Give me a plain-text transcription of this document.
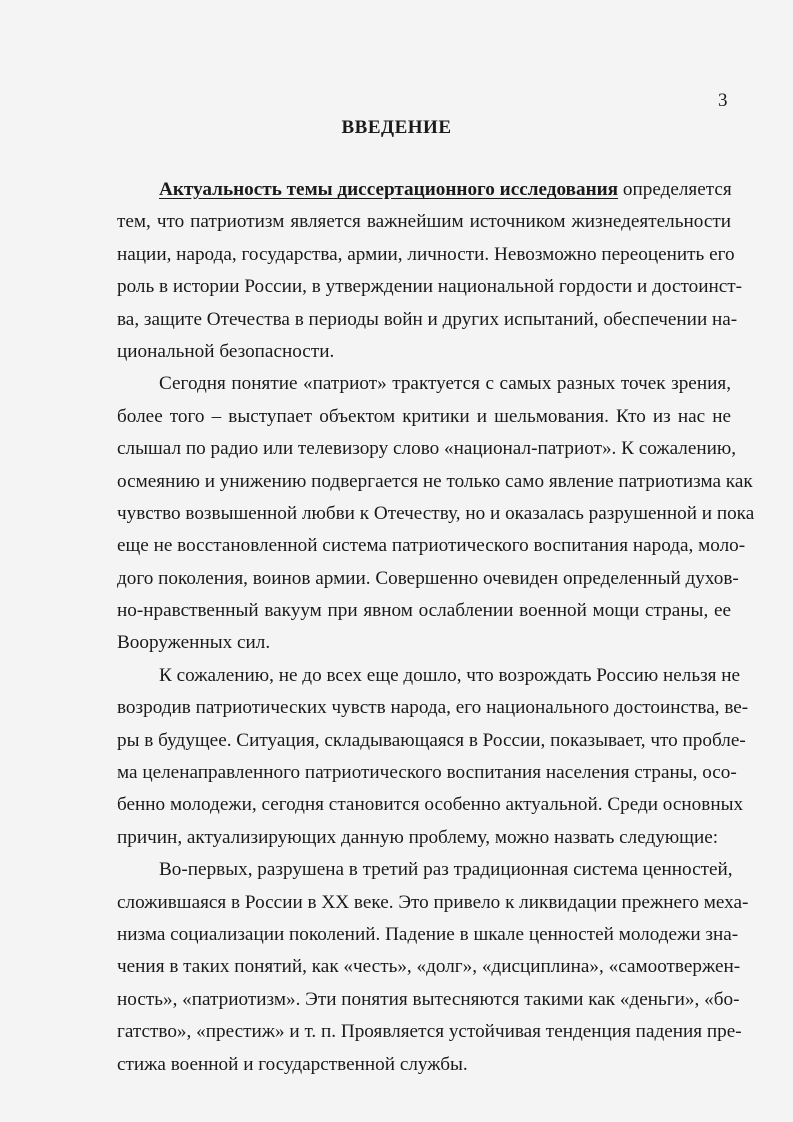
3
ВВЕДЕНИЕ
Актуальность темы диссертационного исследования определяется
тем, что патриотизм является важнейшим источником жизнедеятельности
нации, народа, государства, армии, личности. Невозможно переоценить его
роль в истории России, в утверждении национальной гордости и достоинст-
ва, защите Отечества в периоды войн и других испытаний, обеспечении на-
циональной безопасности.
Сегодня понятие «патриот» трактуется с самых разных точек зрения,
более того – выступает объектом критики и шельмования. Кто из нас не
слышал по радио или телевизору слово «национал-патриот». К сожалению,
осмеянию и унижению подвергается не только само явление патриотизма как
чувство возвышенной любви к Отечеству, но и оказалась разрушенной и пока
еще не восстановленной система патриотического воспитания народа, моло-
дого поколения, воинов армии. Совершенно очевиден определенный духов-
но-нравственный вакуум при явном ослаблении военной мощи страны, ее
Вооруженных сил.
К сожалению, не до всех еще дошло, что возрождать Россию нельзя не
возродив патриотических чувств народа, его национального достоинства, ве-
ры в будущее. Ситуация, складывающаяся в России, показывает, что пробле-
ма целенаправленного патриотического воспитания населения страны, осо-
бенно молодежи, сегодня становится особенно актуальной. Среди основных
причин, актуализирующих данную проблему, можно назвать следующие:
Во-первых, разрушена в третий раз традиционная система ценностей,
сложившаяся в России в XX веке. Это привело к ликвидации прежнего меха-
низма социализации поколений. Падение в шкале ценностей молодежи зна-
чения в таких понятий, как «честь», «долг», «дисциплина», «самоотвержен-
ность», «патриотизм». Эти понятия вытесняются такими как «деньги», «бо-
гатство», «престиж» и т. п. Проявляется устойчивая тенденция падения пре-
стижа военной и государственной службы.
